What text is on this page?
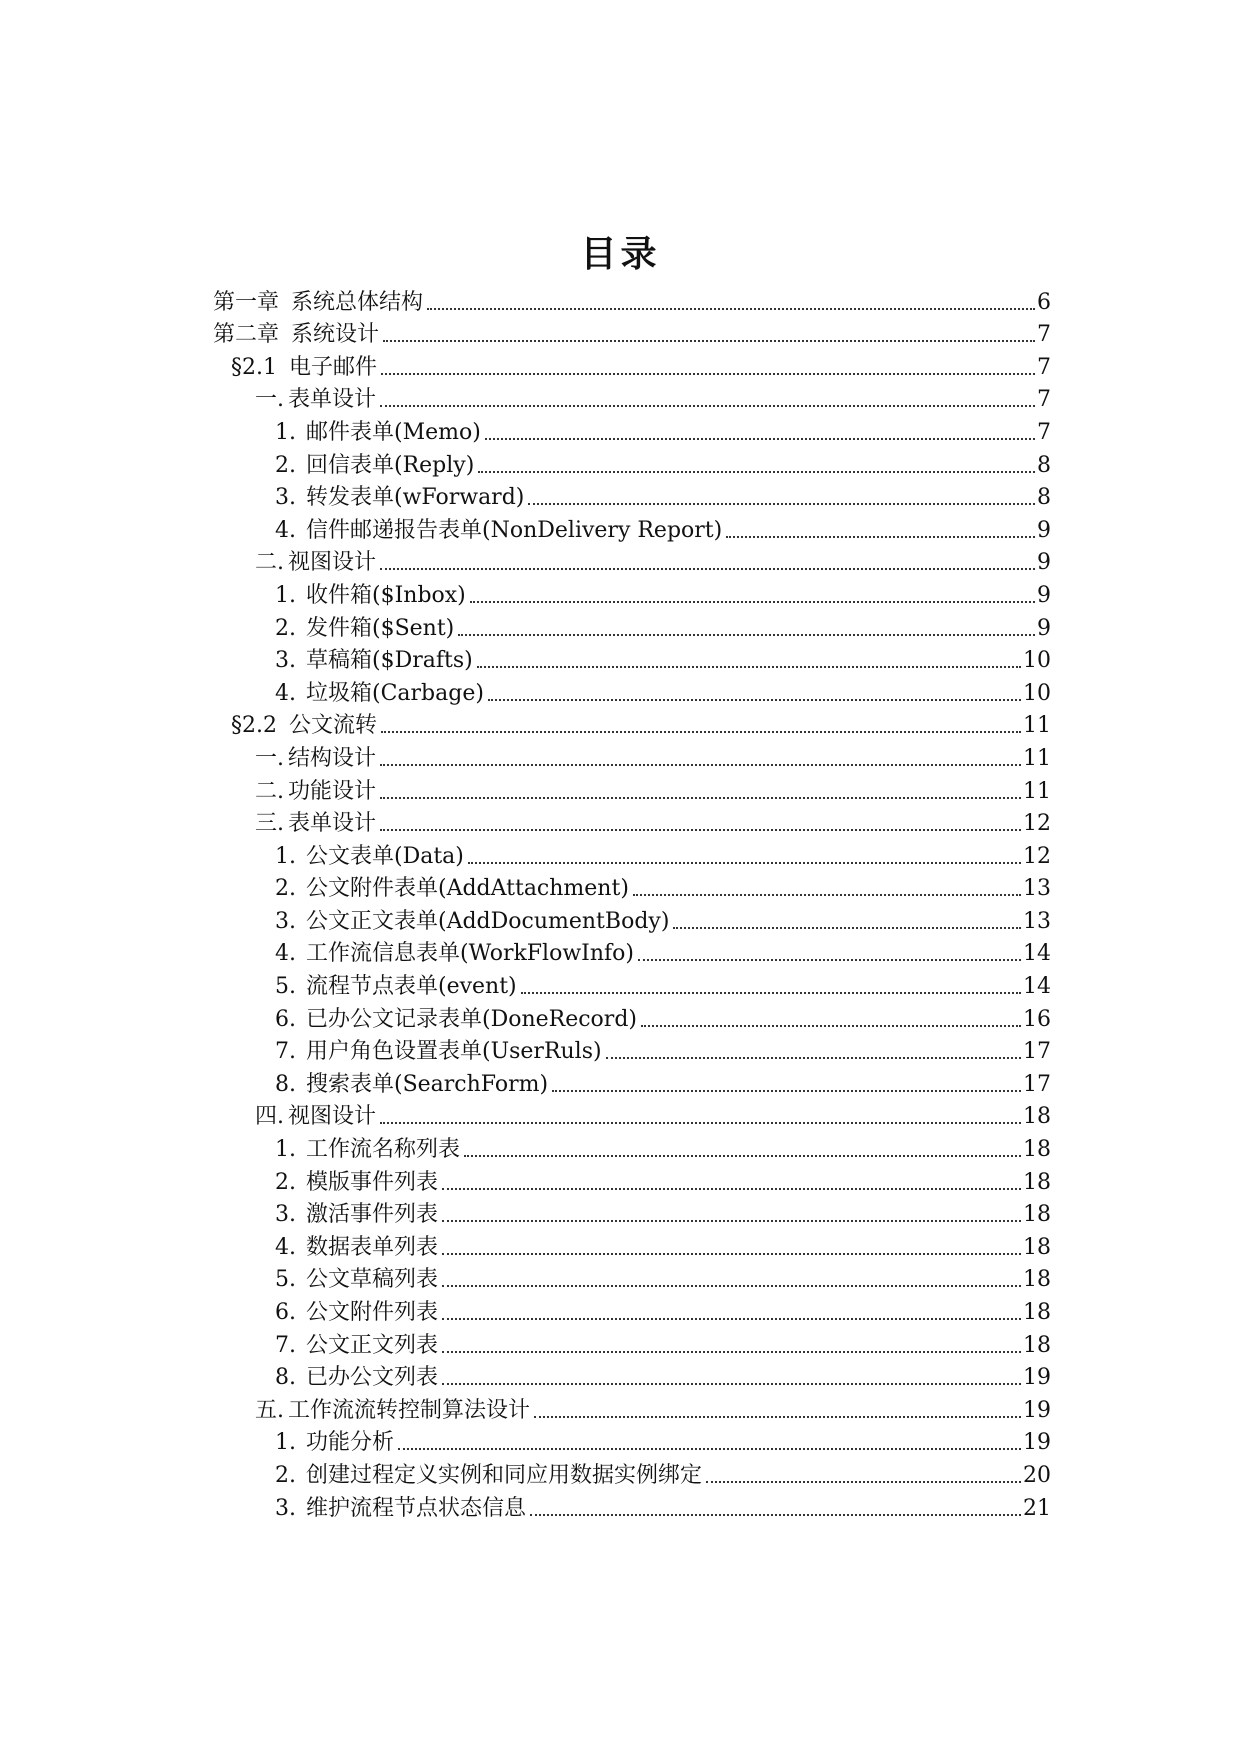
目录
第一章 系统总体结构	6
第二章 系统设计	7
§2.1 电子邮件	7
一. 表单设计	7
1. 邮件表单(Memo)	7
2. 回信表单(Reply)	8
3. 转发表单(wForward)	8
4. 信件邮递报告表单(NonDelivery Report)	9
二. 视图设计	9
1. 收件箱($Inbox)	9
2. 发件箱($Sent)	9
3. 草稿箱($Drafts)	10
4. 垃圾箱(Carbage)	10
§2.2 公文流转	11
一. 结构设计	11
二. 功能设计	11
三. 表单设计	12
1. 公文表单(Data)	12
2. 公文附件表单(AddAttachment)	13
3. 公文正文表单(AddDocumentBody)	13
4. 工作流信息表单(WorkFlowInfo)	14
5. 流程节点表单(event)	14
6. 已办公文记录表单(DoneRecord)	16
7. 用户角色设置表单(UserRuls)	17
8. 搜索表单(SearchForm)	17
四. 视图设计	18
1. 工作流名称列表	18
2. 模版事件列表	18
3. 激活事件列表	18
4. 数据表单列表	18
5. 公文草稿列表	18
6. 公文附件列表	18
7. 公文正文列表	18
8. 已办公文列表	19
五. 工作流流转控制算法设计	19
1. 功能分析	19
2. 创建过程定义实例和同应用数据实例绑定	20
3. 维护流程节点状态信息	21
